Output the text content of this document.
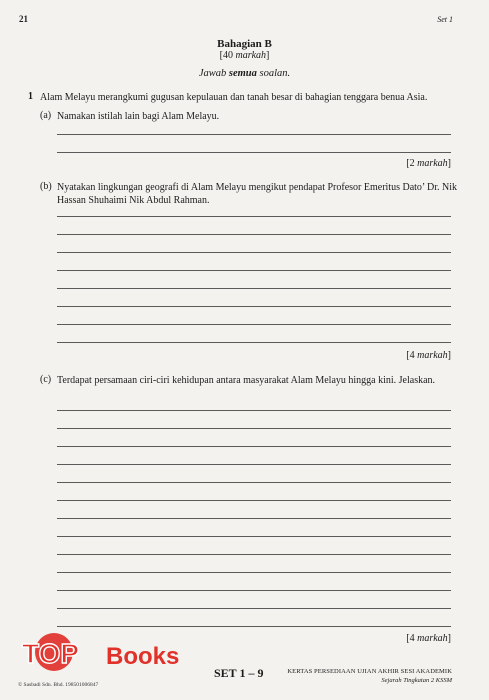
21	Set 1
Bahagian B
[40 markah]
Jawab semua soalan.
1 Alam Melayu merangkumi gugusan kepulauan dan tanah besar di bahagian tenggara benua Asia.
(a) Namakan istilah lain bagi Alam Melayu.
[2 markah]
(b) Nyatakan lingkungan geografi di Alam Melayu mengikut pendapat Profesor Emeritus Dato’ Dr. Nik Hassan Shuhaimi Nik Abdul Rahman.
[4 markah]
(c) Terdapat persamaan ciri-ciri kehidupan antara masyarakat Alam Melayu hingga kini. Jelaskan.
[4 markah]
TOP Books
© Sasbadi Sdn. Bhd. 198501006847
SET 1 – 9	KERTAS PERSEDIAAN UJIAN AKHIR SESI AKADEMIK
Sejarah Tingkatan 2 KSSM
